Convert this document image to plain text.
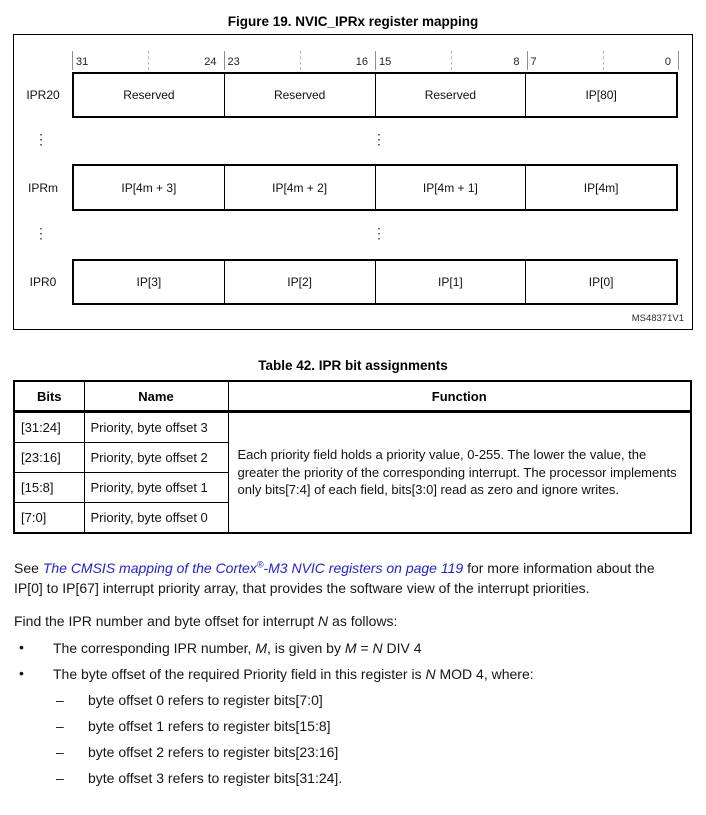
Figure 19. NVIC_IPRx register mapping
31	24 23	16 15	8 7	0
IPR20	Reserved	Reserved	Reserved	IP[80]
⋮	⋮
IPRm	IP[4m + 3]	IP[4m + 2]	IP[4m + 1]	IP[4m]
⋮	⋮
IPR0	IP[3]	IP[2]	IP[1]	IP[0]
MS48371V1
Table 42. IPR bit assignments
Bits	Name	Function
[31:24]	Priority, byte offset 3	Each priority field holds a priority value, 0-255. The lower the value, the greater the priority of the corresponding interrupt. The processor implements only bits[7:4] of each field, bits[3:0] read as zero and ignore writes.
[23:16]	Priority, byte offset 2	
[15:8]	Priority, byte offset 1	
[7:0]	Priority, byte offset 0	

See The CMSIS mapping of the Cortex®-M3 NVIC registers on page 119 for more information about the IP[0] to IP[67] interrupt priority array, that provides the software view of the interrupt priorities.

Find the IPR number and byte offset for interrupt N as follows:

• The corresponding IPR number, M, is given by M = N DIV 4
• The byte offset of the required Priority field in this register is N MOD 4, where:
– byte offset 0 refers to register bits[7:0]
– byte offset 1 refers to register bits[15:8]
– byte offset 2 refers to register bits[23:16]
– byte offset 3 refers to register bits[31:24].
